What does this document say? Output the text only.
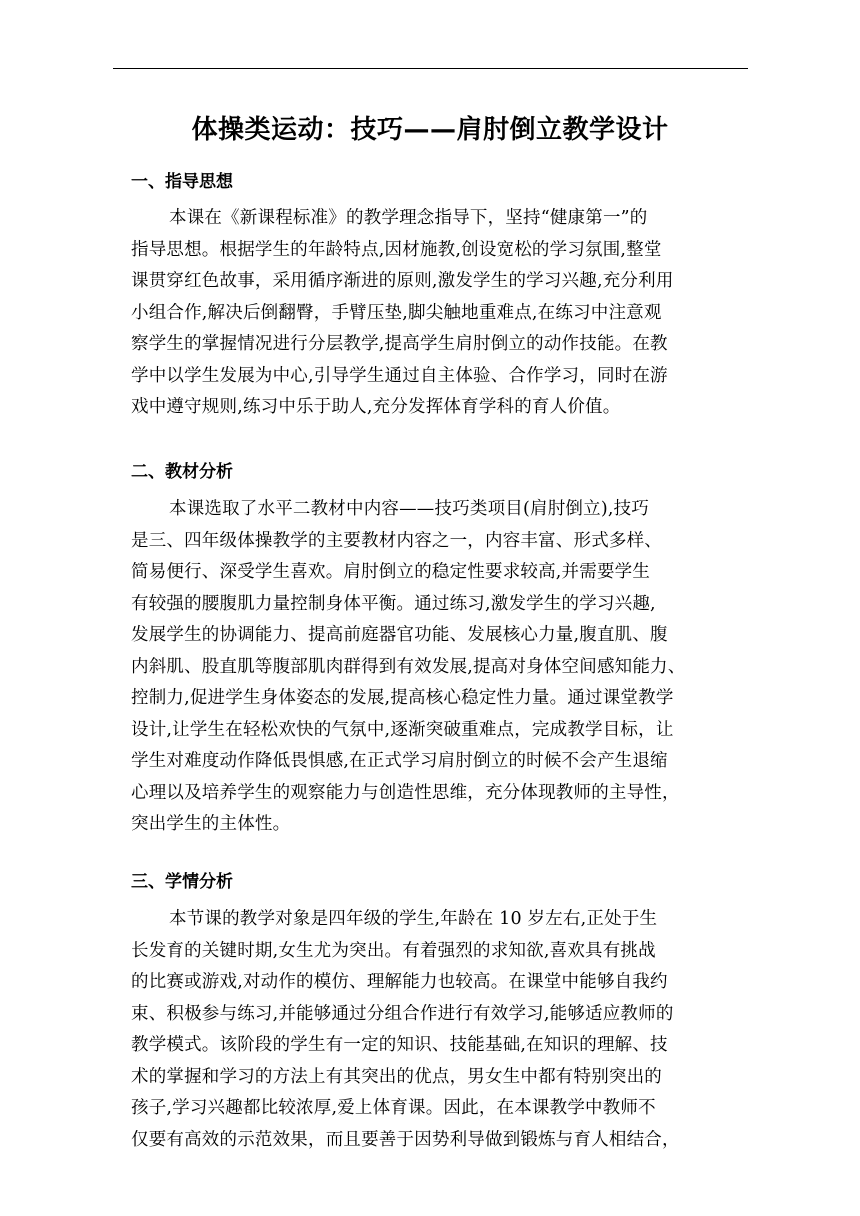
体操类运动：技巧——肩肘倒立教学设计
一、指导思想
本课在《新课程标准》的教学理念指导下，坚持“健康第一”的
指导思想。根据学生的年龄特点,因材施教,创设宽松的学习氛围,整堂
课贯穿红色故事，采用循序渐进的原则,激发学生的学习兴趣,充分利用
小组合作,解决后倒翻臀，手臂压垫,脚尖触地重难点,在练习中注意观
察学生的掌握情况进行分层教学,提高学生肩肘倒立的动作技能。在教
学中以学生发展为中心,引导学生通过自主体验、合作学习，同时在游
戏中遵守规则,练习中乐于助人,充分发挥体育学科的育人价值。
二、教材分析
本课选取了水平二教材中内容——技巧类项目(肩肘倒立),技巧
是三、四年级体操教学的主要教材内容之一，内容丰富、形式多样、
简易便行、深受学生喜欢。肩肘倒立的稳定性要求较高,并需要学生
有较强的腰腹肌力量控制身体平衡。通过练习,激发学生的学习兴趣,
发展学生的协调能力、提高前庭器官功能、发展核心力量,腹直肌、腹
内斜肌、股直肌等腹部肌肉群得到有效发展,提高对身体空间感知能力、
控制力,促进学生身体姿态的发展,提高核心稳定性力量。通过课堂教学
设计,让学生在轻松欢快的气氛中,逐渐突破重难点，完成教学目标，让
学生对难度动作降低畏惧感,在正式学习肩肘倒立的时候不会产生退缩
心理以及培养学生的观察能力与创造性思维，充分体现教师的主导性，
突出学生的主体性。
三、学情分析
本节课的教学对象是四年级的学生,年龄在 10 岁左右,正处于生
长发育的关键时期,女生尤为突出。有着强烈的求知欲,喜欢具有挑战
的比赛或游戏,对动作的模仿、理解能力也较高。在课堂中能够自我约
束、积极参与练习,并能够通过分组合作进行有效学习,能够适应教师的
教学模式。该阶段的学生有一定的知识、技能基础,在知识的理解、技
术的掌握和学习的方法上有其突出的优点，男女生中都有特别突出的
孩子,学习兴趣都比较浓厚,爱上体育课。因此，在本课教学中教师不
仅要有高效的示范效果，而且要善于因势利导做到锻炼与育人相结合，
